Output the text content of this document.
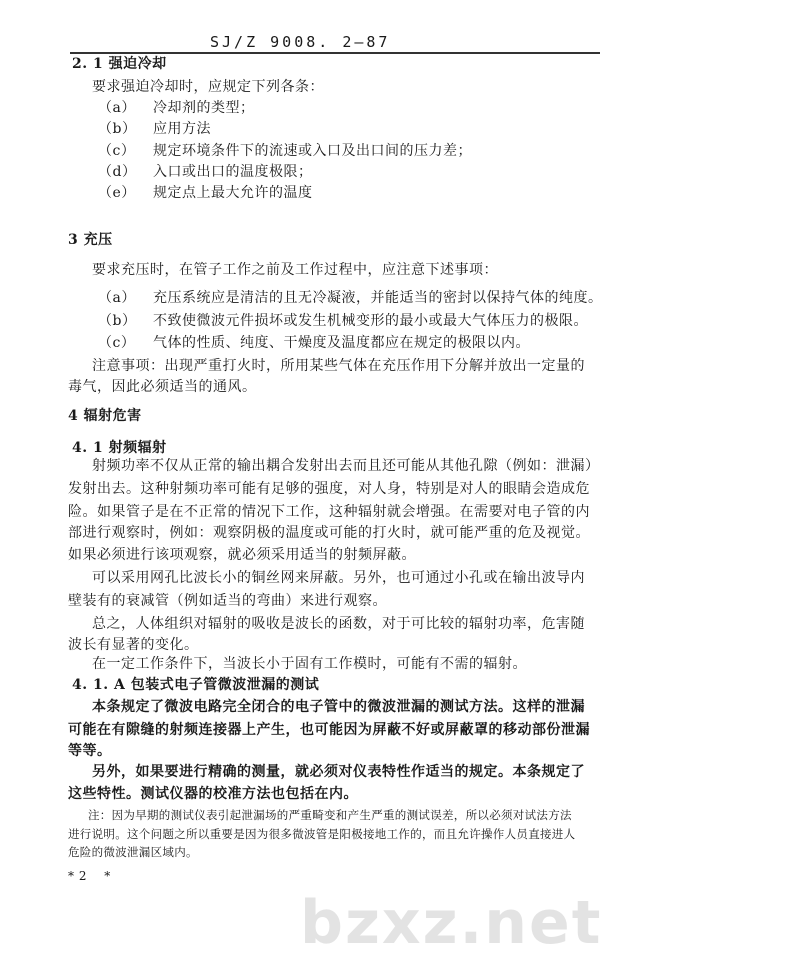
bzxz.net
SJ/Z 9008. 2—87
2. 1 强迫冷却
要求强迫冷却时，应规定下列各条：
（a） 冷却剂的类型；
（b） 应用方法
（c） 规定环境条件下的流速或入口及出口间的压力差；
（d） 入口或出口的温度极限；
（e） 规定点上最大允许的温度
3 充压
要求充压时，在管子工作之前及工作过程中，应注意下述事项：
（a） 充压系统应是清洁的且无冷凝液，并能适当的密封以保持气体的纯度。
（b） 不致使微波元件损坏或发生机械变形的最小或最大气体压力的极限。
（c） 气体的性质、纯度、干燥度及温度都应在规定的极限以内。
注意事项：出现严重打火时，所用某些气体在充压作用下分解并放出一定量的
毒气，因此必须适当的通风。
4 辐射危害
4. 1 射频辐射
射频功率不仅从正常的输出耦合发射出去而且还可能从其他孔隙（例如：泄漏）
发射出去。这种射频功率可能有足够的强度，对人身，特别是对人的眼睛会造成危
险。如果管子是在不正常的情况下工作，这种辐射就会增强。在需要对电子管的内
部进行观察时，例如：观察阴极的温度或可能的打火时，就可能严重的危及视觉。
如果必须进行该项观察，就必须采用适当的射频屏蔽。
可以采用网孔比波长小的铜丝网来屏蔽。另外，也可通过小孔或在输出波导内
壁装有的衰减管（例如适当的弯曲）来进行观察。
总之，人体组织对辐射的吸收是波长的函数，对于可比较的辐射功率，危害随
波长有显著的变化。
在一定工作条件下，当波长小于固有工作模时，可能有不需的辐射。
4. 1. A 包装式电子管微波泄漏的测试
本条规定了微波电路完全闭合的电子管中的微波泄漏的测试方法。这样的泄漏
可能在有隙缝的射频连接器上产生，也可能因为屏蔽不好或屏蔽罩的移动部份泄漏
等等。
另外，如果要进行精确的测量，就必须对仪表特性作适当的规定。本条规定了
这些特性。测试仪器的校准方法也包括在内。
注：因为早期的测试仪表引起泄漏场的严重畸变和产生严重的测试误差，所以必须对试法方法
进行说明。这个问题之所以重要是因为很多微波管是阳极接地工作的，而且允许操作人员直接进人
危险的微波泄漏区域内。
* 2    *
